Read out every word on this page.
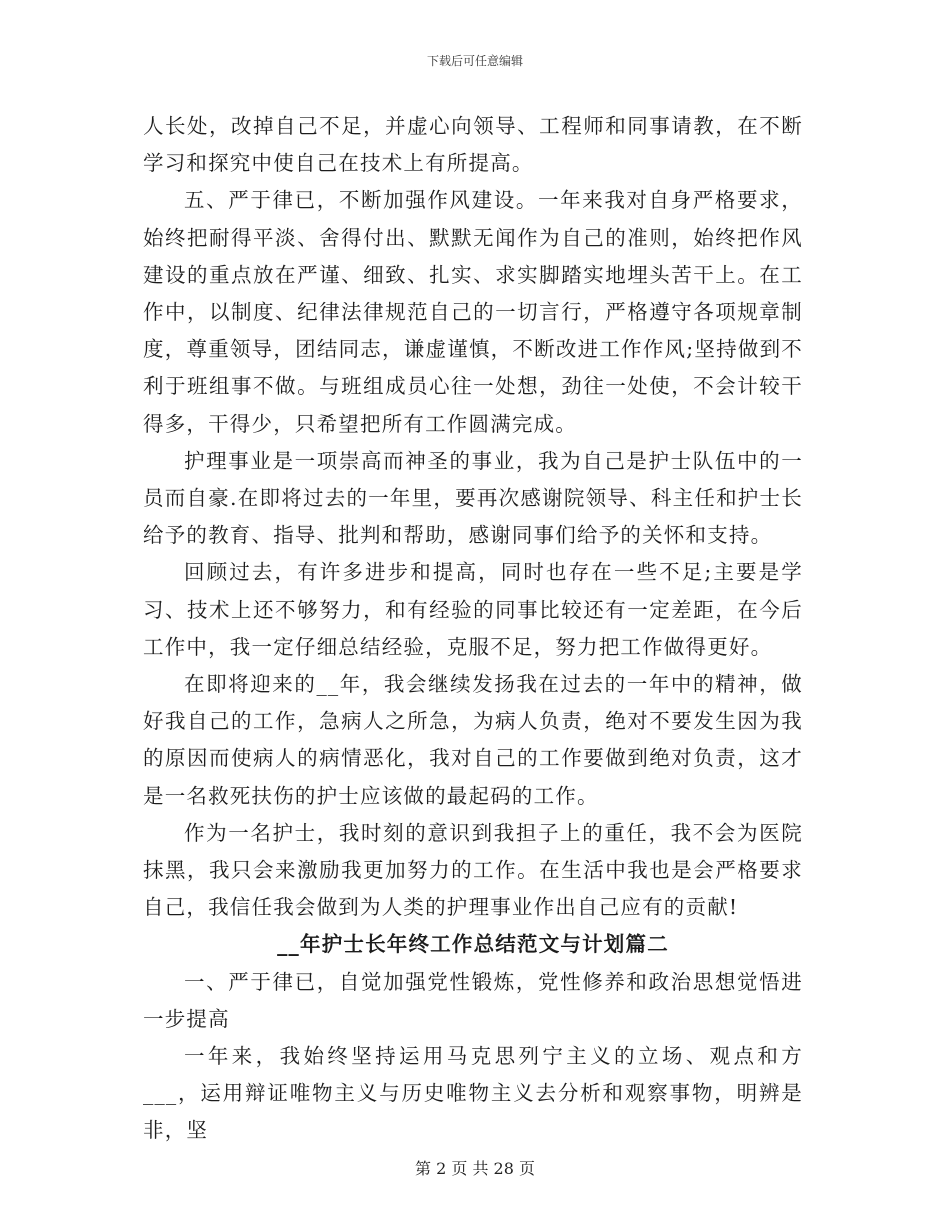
下载后可任意编辑

人长处，改掉自己不足，并虚心向领导、工程师和同事请教，在不断学习和探究中使自己在技术上有所提高。

五、严于律已，不断加强作风建设。一年来我对自身严格要求，始终把耐得平淡、舍得付出、默默无闻作为自己的准则，始终把作风建设的重点放在严谨、细致、扎实、求实脚踏实地埋头苦干上。在工作中，以制度、纪律法律规范自己的一切言行，严格遵守各项规章制度，尊重领导，团结同志，谦虚谨慎，不断改进工作作风;坚持做到不利于班组事不做。与班组成员心往一处想，劲往一处使，不会计较干得多，干得少，只希望把所有工作圆满完成。

护理事业是一项崇高而神圣的事业，我为自己是护士队伍中的一员而自豪.在即将过去的一年里，要再次感谢院领导、科主任和护士长给予的教育、指导、批判和帮助，感谢同事们给予的关怀和支持。

回顾过去，有许多进步和提高，同时也存在一些不足;主要是学习、技术上还不够努力，和有经验的同事比较还有一定差距，在今后工作中，我一定仔细总结经验，克服不足，努力把工作做得更好。

在即将迎来的__年，我会继续发扬我在过去的一年中的精神，做好我自己的工作，急病人之所急，为病人负责，绝对不要发生因为我的原因而使病人的病情恶化，我对自己的工作要做到绝对负责，这才是一名救死扶伤的护士应该做的最起码的工作。

作为一名护士，我时刻的意识到我担子上的重任，我不会为医院抹黑，我只会来激励我更加努力的工作。在生活中我也是会严格要求自己，我信任我会做到为人类的护理事业作出自己应有的贡献!

__年护士长年终工作总结范文与计划篇二

一、严于律已，自觉加强党性锻炼，党性修养和政治思想觉悟进一步提高

一年来，我始终坚持运用马克思列宁主义的立场、观点和方___，运用辩证唯物主义与历史唯物主义去分析和观察事物，明辨是非，坚

第 2 页 共 28 页
